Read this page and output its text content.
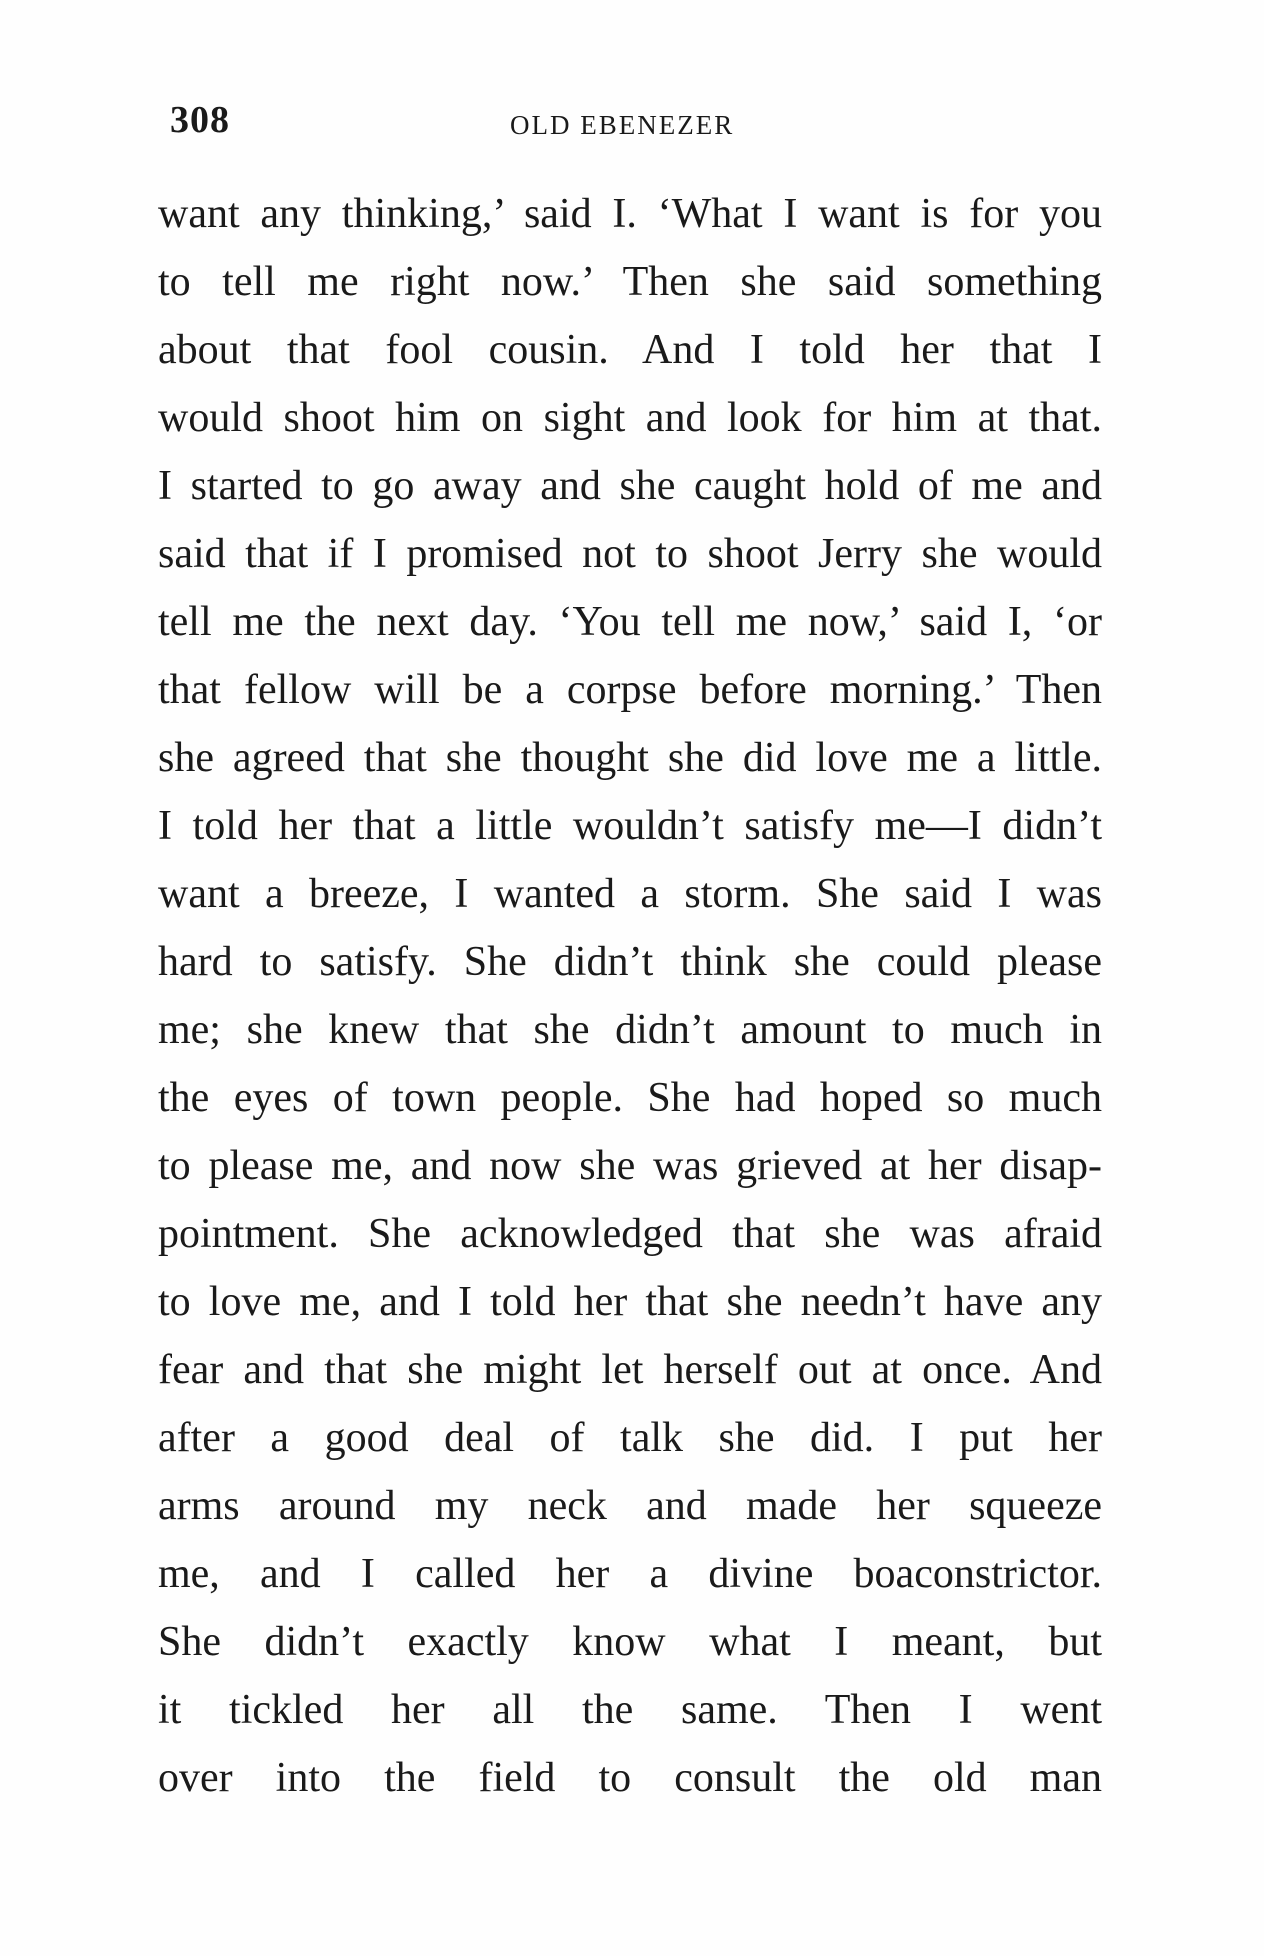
308	OLD EBENEZER
want any thinking,’ said I. ‘What I want is for you
to tell me right now.’ Then she said something
about that fool cousin. And I told her that I
would shoot him on sight and look for him at that.
I started to go away and she caught hold of me and
said that if I promised not to shoot Jerry she would
tell me the next day. ‘You tell me now,’ said I, ‘or
that fellow will be a corpse before morning.’ Then
she agreed that she thought she did love me a little.
I told her that a little wouldn’t satisfy me—I didn’t
want a breeze, I wanted a storm. She said I was
hard to satisfy. She didn’t think she could please
me; she knew that she didn’t amount to much in
the eyes of town people. She had hoped so much
to please me, and now she was grieved at her disap-
pointment. She acknowledged that she was afraid
to love me, and I told her that she needn’t have any
fear and that she might let herself out at once. And
after a good deal of talk she did. I put her
arms around my neck and made her squeeze
me, and I called her a divine boaconstrictor.
She didn’t exactly know what I meant, but
it tickled her all the same. Then I went
over into the field to consult the old man
